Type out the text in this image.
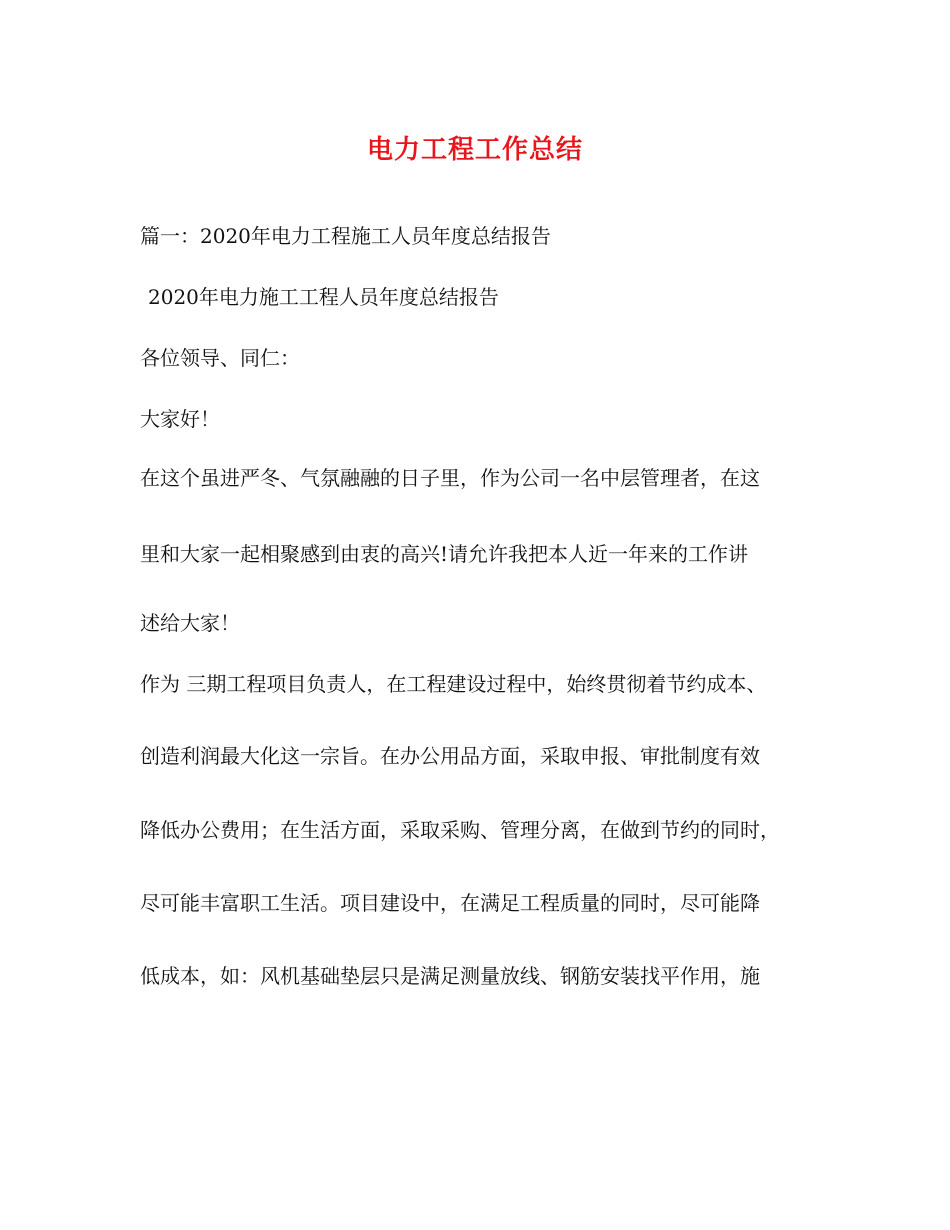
电力工程工作总结
篇一：2020年电力工程施工人员年度总结报告
2020年电力施工工程人员年度总结报告
各位领导、同仁：
大家好！
在这个虽进严冬、气氛融融的日子里，作为公司一名中层管理者，在这
里和大家一起相聚感到由衷的高兴!请允许我把本人近一年来的工作讲
述给大家！
作为 三期工程项目负责人，在工程建设过程中，始终贯彻着节约成本、
创造利润最大化这一宗旨。在办公用品方面，采取申报、审批制度有效
降低办公费用；在生活方面，采取采购、管理分离，在做到节约的同时，
尽可能丰富职工生活。项目建设中，在满足工程质量的同时，尽可能降
低成本，如：风机基础垫层只是满足测量放线、钢筋安装找平作用，施
